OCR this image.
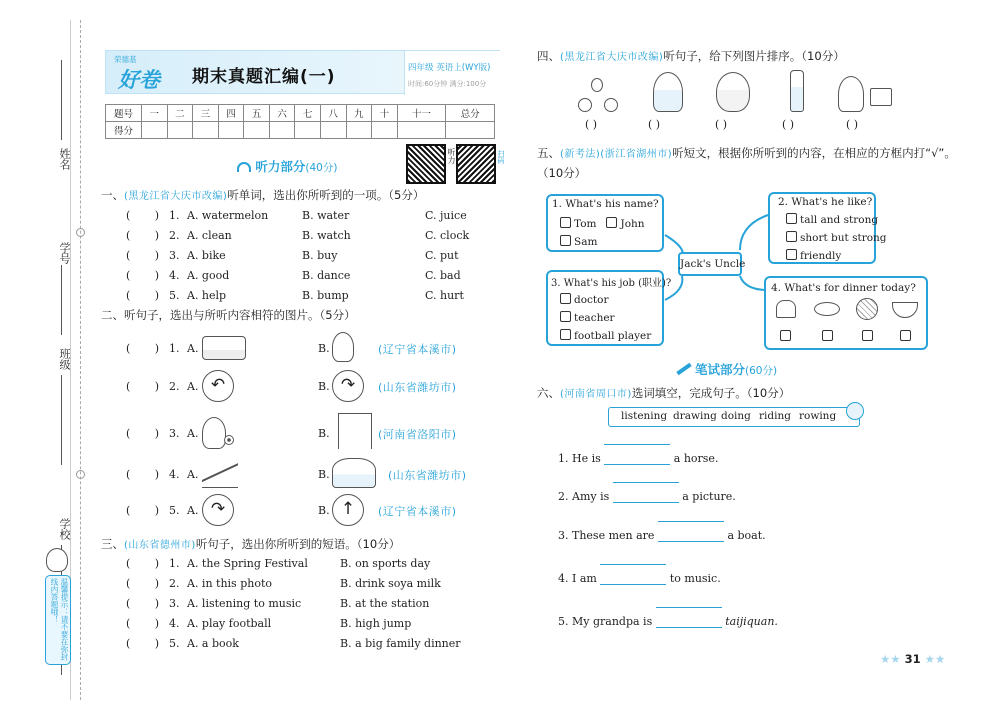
姓名
学号
班级
学校
温馨提示：请不要在弥封线内答题哦！
荣德基
好卷 期末真题汇编(一)	四年级 英语上(WY版)
时间:60分钟 满分:100分
题号	一	二	三	四	五	六	七	八	九	十	十一	总分
得分												
听力	扫码
听力部分(40分)
一、(黑龙江省大庆市改编)听单词，选出你所听到的一项。（5分）
(       ) 1. A. watermelon	B. water	C. juice
(       ) 2. A. clean	B. watch	C. clock
(       ) 3. A. bike	B. buy	C. put
(       ) 4. A. good	B. dance	C. bad
(       ) 5. A. help	B. bump	C. hurt
二、听句子，选出与所听内容相符的图片。（5分）
(       ) 1. A.	B.	(辽宁省本溪市)
(       ) 2. A. ↶	B. ↷	(山东省潍坊市)
(       ) 3. A.	B.	(河南省洛阳市)
(       ) 4. A.	B.	(山东省潍坊市)
(       ) 5. A. ↷	B. ↑	(辽宁省本溪市)
三、(山东省德州市)听句子，选出你所听到的短语。（10分）
(       ) 1. A. the Spring Festival	B. on sports day
(       ) 2. A. in this photo	B. drink soya milk
(       ) 3. A. listening to music	B. at the station
(       ) 4. A. play football	B. high jump
(       ) 5. A. a book	B. a big family dinner
四、(黑龙江省大庆市改编)听句子，给下列图片排序。（10分）
( )	( )	( )	( )	( )
五、(新考法)(浙江省湖州市)听短文，根据你所听到的内容，在相应的方框内打“√”。（10分）
1. What's his name?
Tom John
Sam
2. What's he like?
tall and strong
short but strong
friendly
Jack's Uncle
3. What's his job (职业)?
doctor
teacher
football player
4. What's for dinner today?
笔试部分(60分)
六、(河南省周口市)选词填空，完成句子。（10分）
listening drawing doing riding rowing
1. He is	a horse.
2. Amy is	a picture.
3. These men are	a boat.
4. I am	to music.
5. My grandpa is	taijiquan.
★★ 31 ★★
